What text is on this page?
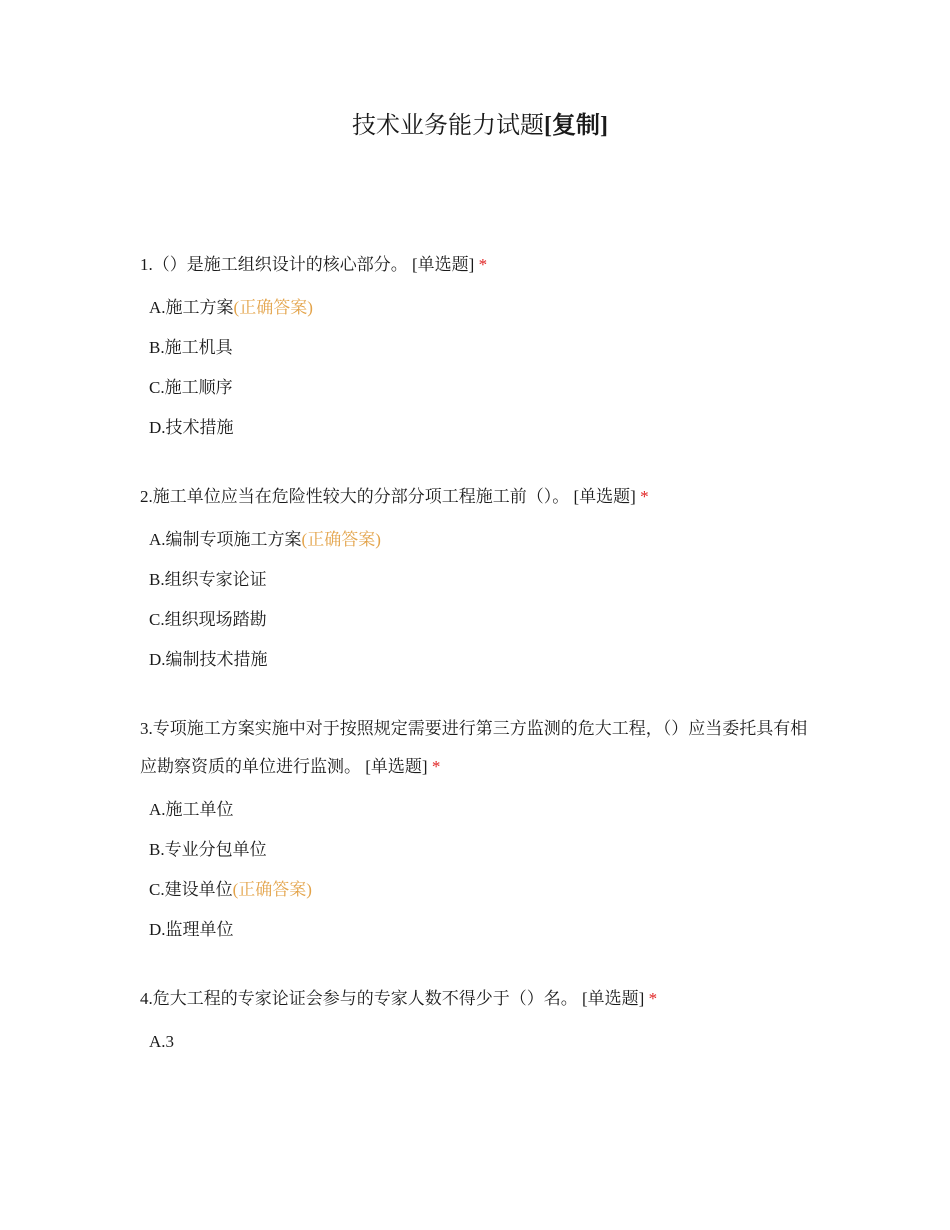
技术业务能力试题[复制]

1.（）是施工组织设计的核心部分。 [单选题] *

A.施工方案(正确答案)
B.施工机具
C.施工顺序
D.技术措施

2.施工单位应当在危险性较大的分部分项工程施工前（）。 [单选题] *

A.编制专项施工方案(正确答案)
B.组织专家论证
C.组织现场踏勘
D.编制技术措施

3.专项施工方案实施中对于按照规定需要进行第三方监测的危大工程，（）应当委托具有相应勘察资质的单位进行监测。 [单选题] *

A.施工单位
B.专业分包单位
C.建设单位(正确答案)
D.监理单位

4.危大工程的专家论证会参与的专家人数不得少于（）名。 [单选题] *

A.3
